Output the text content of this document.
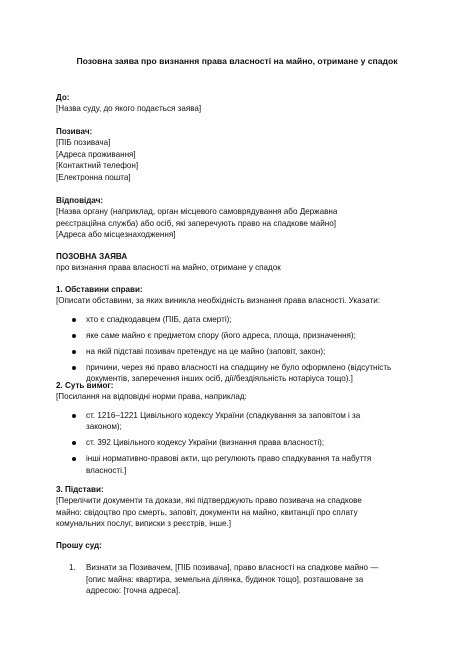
Позовна заява про визнання права власності на майно, отримане у спадок
До:
[Назва суду, до якого подається заява]
Позивач:
[ПІБ позивача]
[Адреса проживання]
[Контактний телефон]
[Електронна пошта]
Відповідач:
[Назва органу (наприклад, орган місцевого самоврядування або Державна
реєстраційна служба) або осіб, які заперечують право на спадкове майно]
[Адреса або місцезнаходження]
ПОЗОВНА ЗАЯВА
про визнання права власності на майно, отримане у спадок
1. Обставини справи:
[Описати обставини, за яких виникла необхідність визнання права власності. Указати:
хто є спадкодавцем (ПІБ, дата смерті);
яке саме майно є предметом спору (його адреса, площа, призначення);
на якій підставі позивач претендує на це майно (заповіт, закон);
причини, через які право власності на спадщину не було оформлено (відсутність
документів, заперечення інших осіб, дії/бездіяльність нотаріуса тощо).]
2. Суть вимог:
[Посилання на відповідні норми права, наприклад:
ст. 1216–1221 Цивільного кодексу України (спадкування за заповітом і за
законом);
ст. 392 Цивільного кодексу України (визнання права власності);
інші нормативно-правові акти, що регулюють право спадкування та набуття
власності.]
3. Підстави:
[Перелічити документи та докази, які підтверджують право позивача на спадкове
майно: свідоцтво про смерть, заповіт, документи на майно, квитанції про сплату
комунальних послуг, виписки з реєстрів, інше.]
Прошу суд:
1. Визнати за Позивачем, [ПІБ позивача], право власності на спадкове майно —
[опис майна: квартира, земельна ділянка, будинок тощо], розташоване за
адресою: [точна адреса].
